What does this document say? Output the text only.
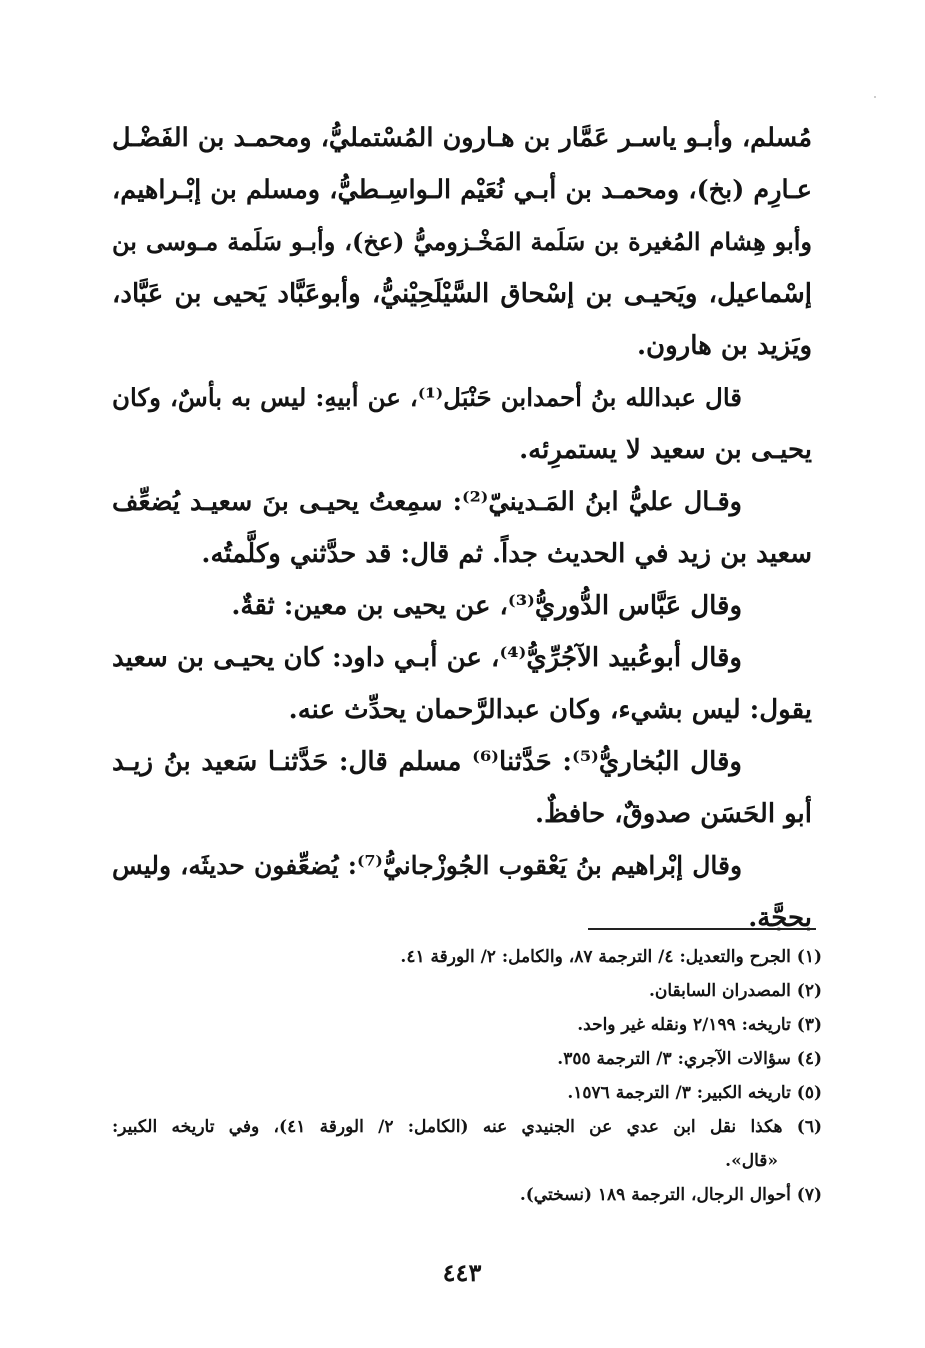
مُسلم، وأبـو ياسـر عَمَّار بن هـارون المُسْتمليُّ، ومحمـد بن الفَضْـل
عـارِم (بخ)، ومحمـد بن أبـي نُعَيْم الـواسِـطيُّ، ومسلم بن إبْـراهيم،
وأبو هِشام المُغيرة بن سَلَمة المَخْـزوميُّ (عخ)، وأبـو سَلَمة مـوسى بن
إسْماعيل، ويَحيـى بن إسْحاق السَّيْلَحِيْنيُّ، وأبوعَبَّاد يَحيى بن عَبَّاد،
ويَزيد بن هارون.
قال عبدالله بنُ أحمدابن حَنْبَل⁽¹⁾، عن أبيهِ: ليس به بأسٌ، وكان
يحيـى بن سعيد لا يستمرِئه.
وقـال عليُّ ابنُ المَـدينيّ⁽²⁾: سمِعتُ يحيـى بنَ سعيـد يُضعِّف
سعيد بن زيد في الحديث جداً. ثم قال: قد حدَّثني وكلَّمتُه.
وقال عَبَّاس الدُّوريُّ⁽³⁾، عن يحيى بن معين: ثقةٌ.
وقال أبوعُبيد الآجُرِّيُّ⁽⁴⁾، عن أبـي داود: كان يحيـى بن سعيد
يقول: ليس بشيء، وكان عبدالرَّحمان يحدِّث عنه.
وقال البُخاريُّ⁽⁵⁾: حَدَّثنا⁽⁶⁾ مسلم قال: حَدَّثنـا سَعيد بنُ زيـد
أبو الحَسَن صدوقٌ، حافظٌ.
وقال إبْراهيم بنُ يَعْقوب الجُوزْجانيُّ⁽⁷⁾: يُضعِّفون حديثَه، وليس
بحجَّة.
(١) الجرح والتعديل: ٤/ الترجمة ٨٧، والكامل: ٢/ الورقة ٤١.
(٢) المصدران السابقان.
(٣) تاريخه: ٢/١٩٩ ونقله غير واحد.
(٤) سؤالات الآجري: ٣/ الترجمة ٣٥٥.
(٥) تاريخه الكبير: ٣/ الترجمة ١٥٧٦.
(٦) هكذا نقل ابن عدي عن الجنيدي عنه (الكامل: ٢/ الورقة ٤١)، وفي تاريخه الكبير:
«قال».
(٧) أحوال الرجال، الترجمة ١٨٩ (نسختي).
٤٤٣
